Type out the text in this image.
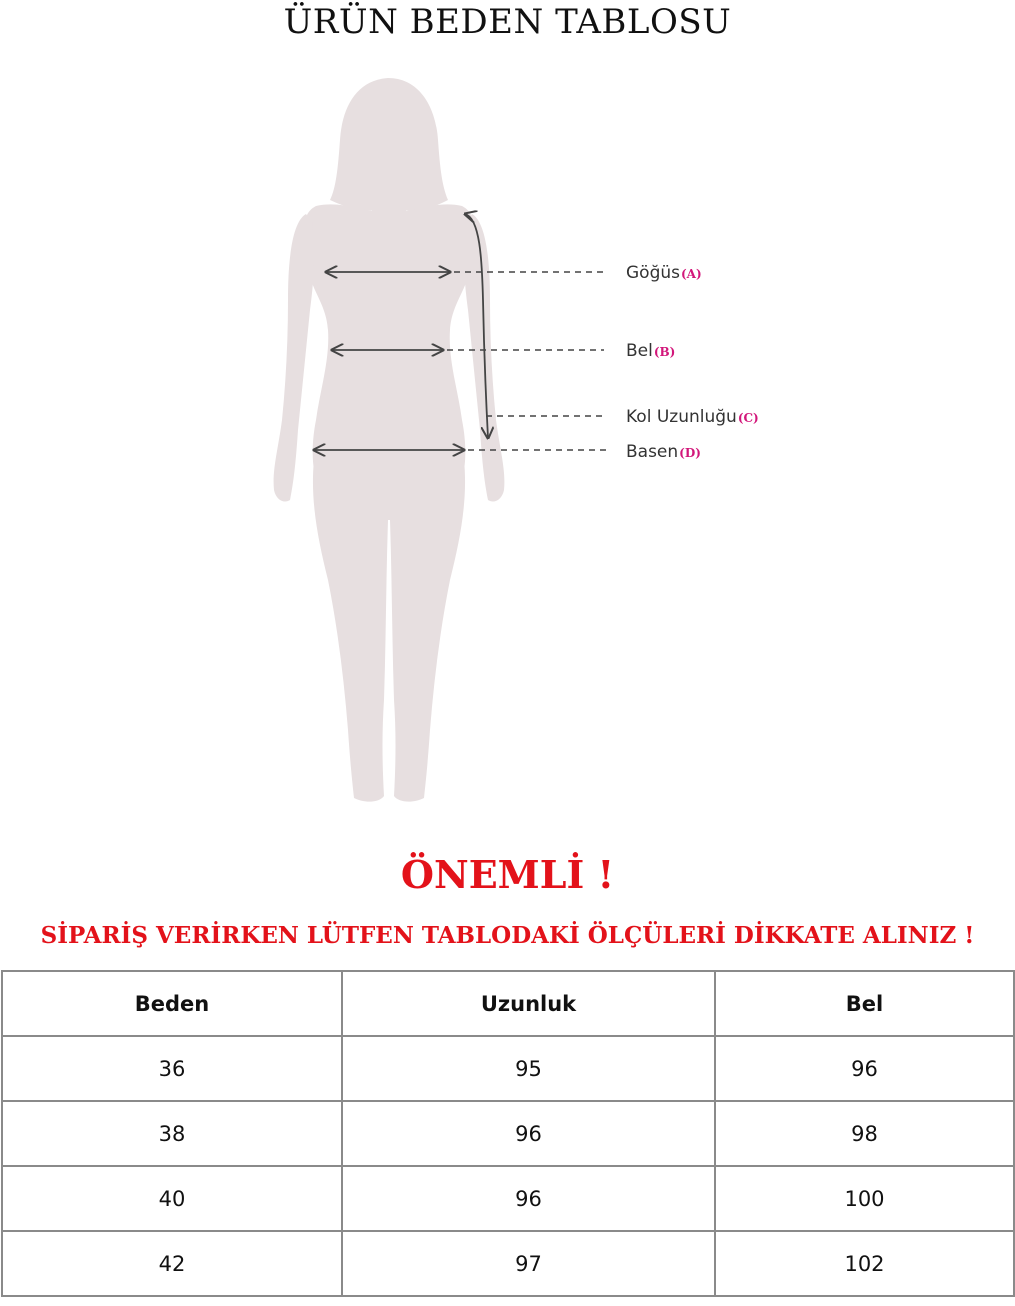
ÜRÜN BEDEN TABLOSU
Göğüs(A)
Bel(B)
Kol Uzunluğu(C)
Basen(D)
ÖNEMLİ !
SİPARİŞ VERİRKEN LÜTFEN TABLODAKİ ÖLÇÜLERİ DİKKATE ALINIZ !
Beden	Uzunluk	Bel
36	95	96
38	96	98
40	96	100
42	97	102
